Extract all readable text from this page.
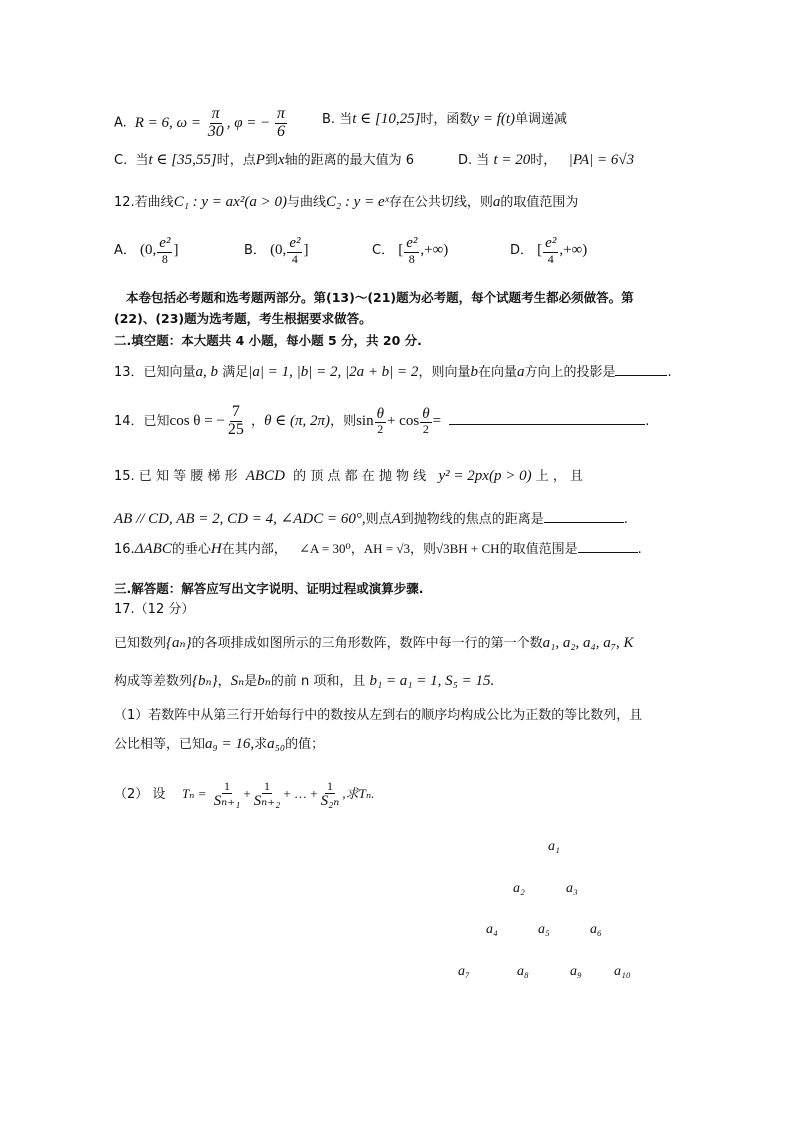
A.  R = 6, $\omega = \frac{\pi}{30}$ , φ = − $\frac{\pi}{6}$	B. 当t ∈ [10,25]时，函数y = f(t)单调递减
C. 当t ∈ [35,55]时，点P到x轴的距离的最大值为 6	D. 当 t = 20时， |PA| = 6√3
12.若曲线C₁ : y = ax²(a > 0)与曲线C₂ : y = eˣ存在公共切线，则a的取值范围为
A． (0, $\frac{\text{e²}}{8}$ ]	B． (0, $\frac{\text{e²}}{4}$ ]	C． [ $\frac{\text{e²}}{8}$ ,+∞)	D． [ $\frac{\text{e²}}{4}$ ,+∞)
本卷包括必考题和选考题两部分。第(13)～(21)题为必考题，每个试题考生都必须做答。第
(22)、(23)题为选考题，考生根据要求做答。
二.填空题：本大题共 4 小题，每小题 5 分，共 20 分.
13．已知向量a, b 满足|a| = 1, |b| = 2, |2a + b| = 2，则向量b在向量a方向上的投影是	.
14．已知cos θ = − $\frac{7}{25}$ ，θ ∈ (π, 2π)，则$\sin \frac{\theta}{2} + \cos \frac{\theta}{2}$ =	.
15. 已 知 等 腰 梯 形 ABCD 的 顶 点 都 在 抛 物 线 y² = 2px(p > 0) 上 ， 且
AB // CD, AB = 2, CD = 4, ∠ADC = 60°,则点A到抛物线的焦点的距离是	.
16.ΔABC的垂心H在其内部， ∠A = 30⁰，AH = √3，则√3BH + CH的取值范围是	.
三.解答题：解答应写出文字说明、证明过程或演算步骤.
17.（12 分）
已知数列{aₙ}的各项排成如图所示的三角形数阵，数阵中每一行的第一个数a₁, a₂, a₄, a₇, K
构成等差数列{bₙ}，Sₙ是bₙ的前 n 项和，且 b₁ = a₁ = 1, S₅ = 15.
（1）若数阵中从第三行开始每行中的数按从左到右的顺序均构成公比为正数的等比数列，且
公比相等，已知a₉ = 16,求a₅₀的值；
（2） 设 $T_n = \frac{1}{\text{Sₙ₊₁}} + \frac{1}{\text{Sₙ₊₂}}$ + … + $\frac{1}{\text{S₂ₙ}}$ ,求Tₙ.
a₁
a₂	a₃
a₄	a₅	a₆
a₇	a₈	a₉ a₁₀
